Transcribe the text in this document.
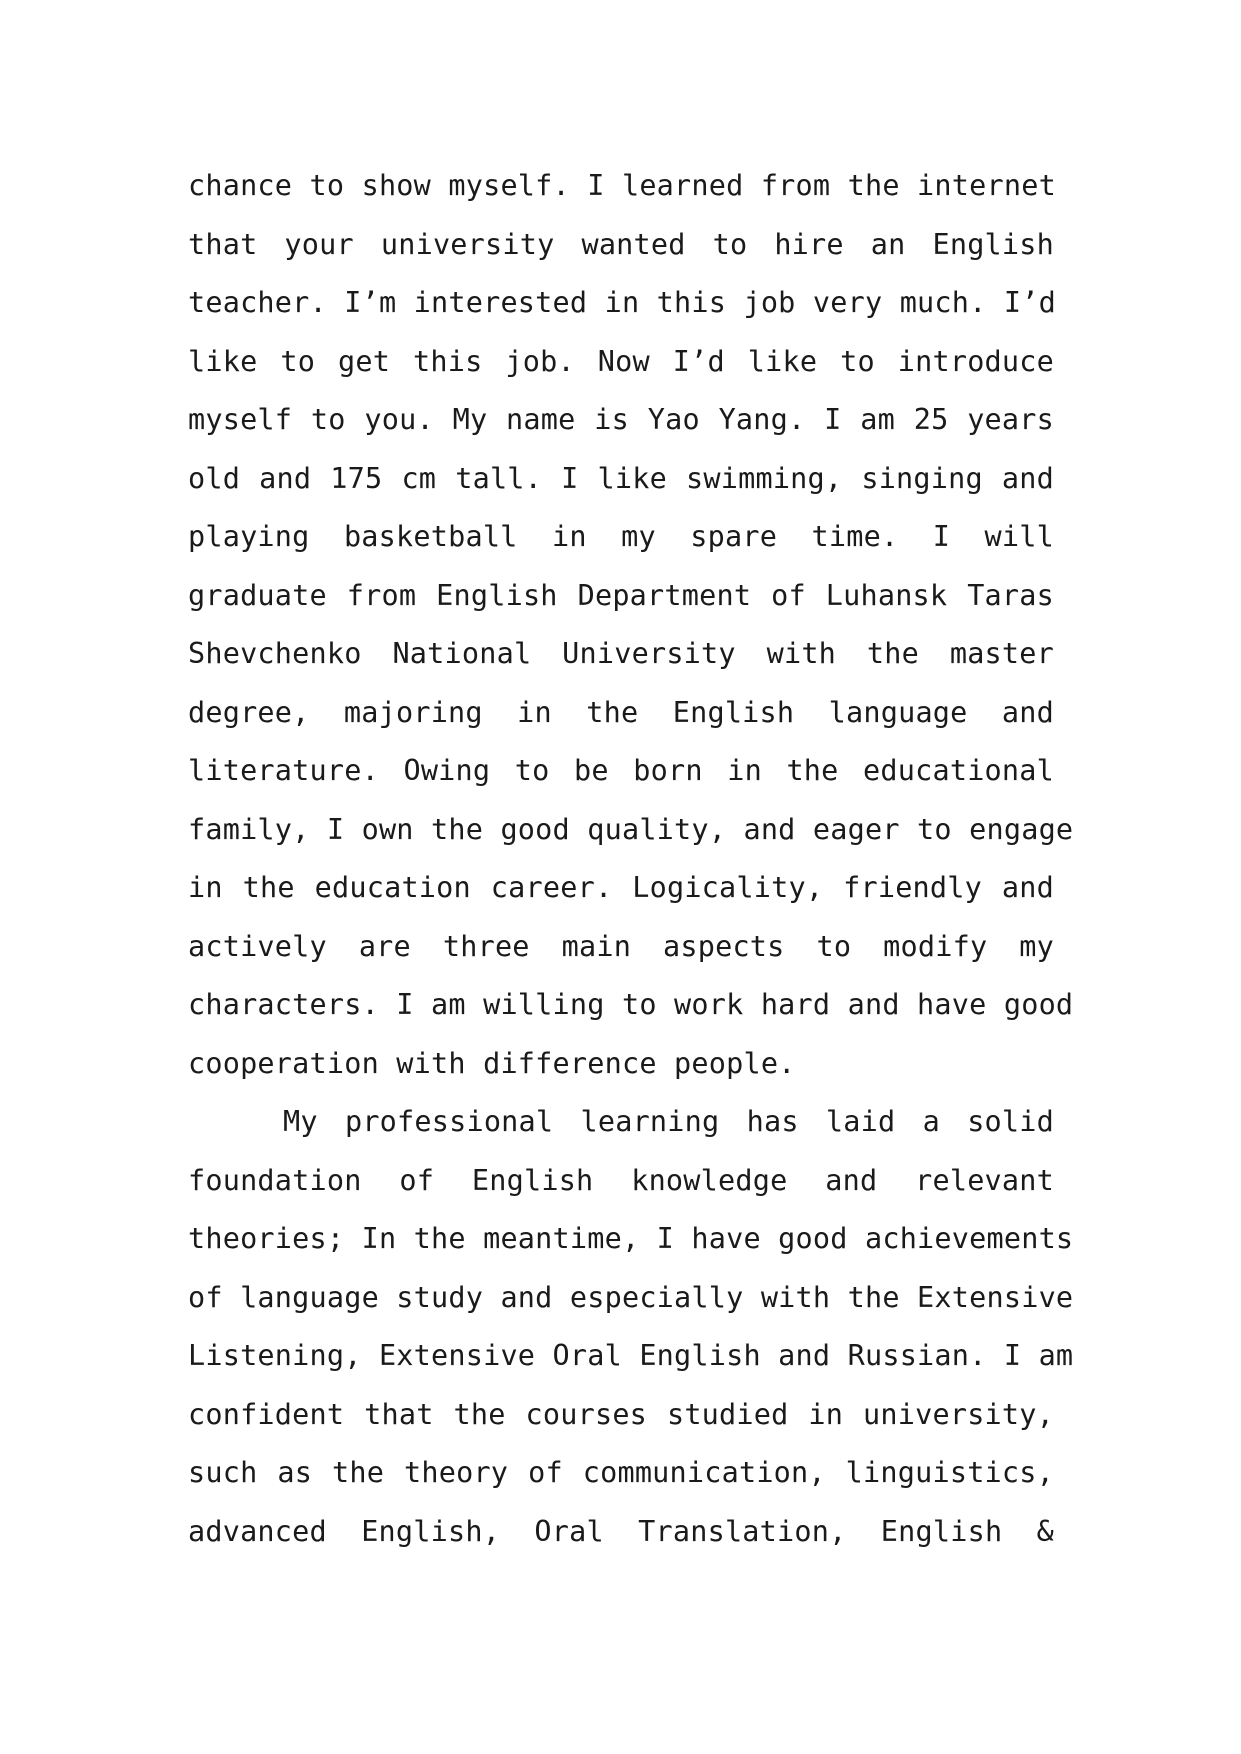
chance to show myself. I learned from the internet
that your university wanted to hire an English
teacher. I’m interested in this job very much. I’d
like to get this job. Now I’d like to introduce
myself to you. My name is Yao Yang. I am 25 years
old and 175 cm tall. I like swimming, singing and
playing basketball in my spare time. I will
graduate from English Department of Luhansk Taras
Shevchenko National University with the master
degree, majoring in the English language and
literature. Owing to be born in the educational
family, I own the good quality, and eager to engage
in the education career. Logicality, friendly and
actively are three main aspects to modify my
characters. I am willing to work hard and have good
cooperation with difference people.
My professional learning has laid a solid
foundation of English knowledge and relevant
theories; In the meantime, I have good achievements
of language study and especially with the Extensive
Listening, Extensive Oral English and Russian. I am
confident that the courses studied in university,
such as the theory of communication, linguistics,
advanced English, Oral Translation, English &
